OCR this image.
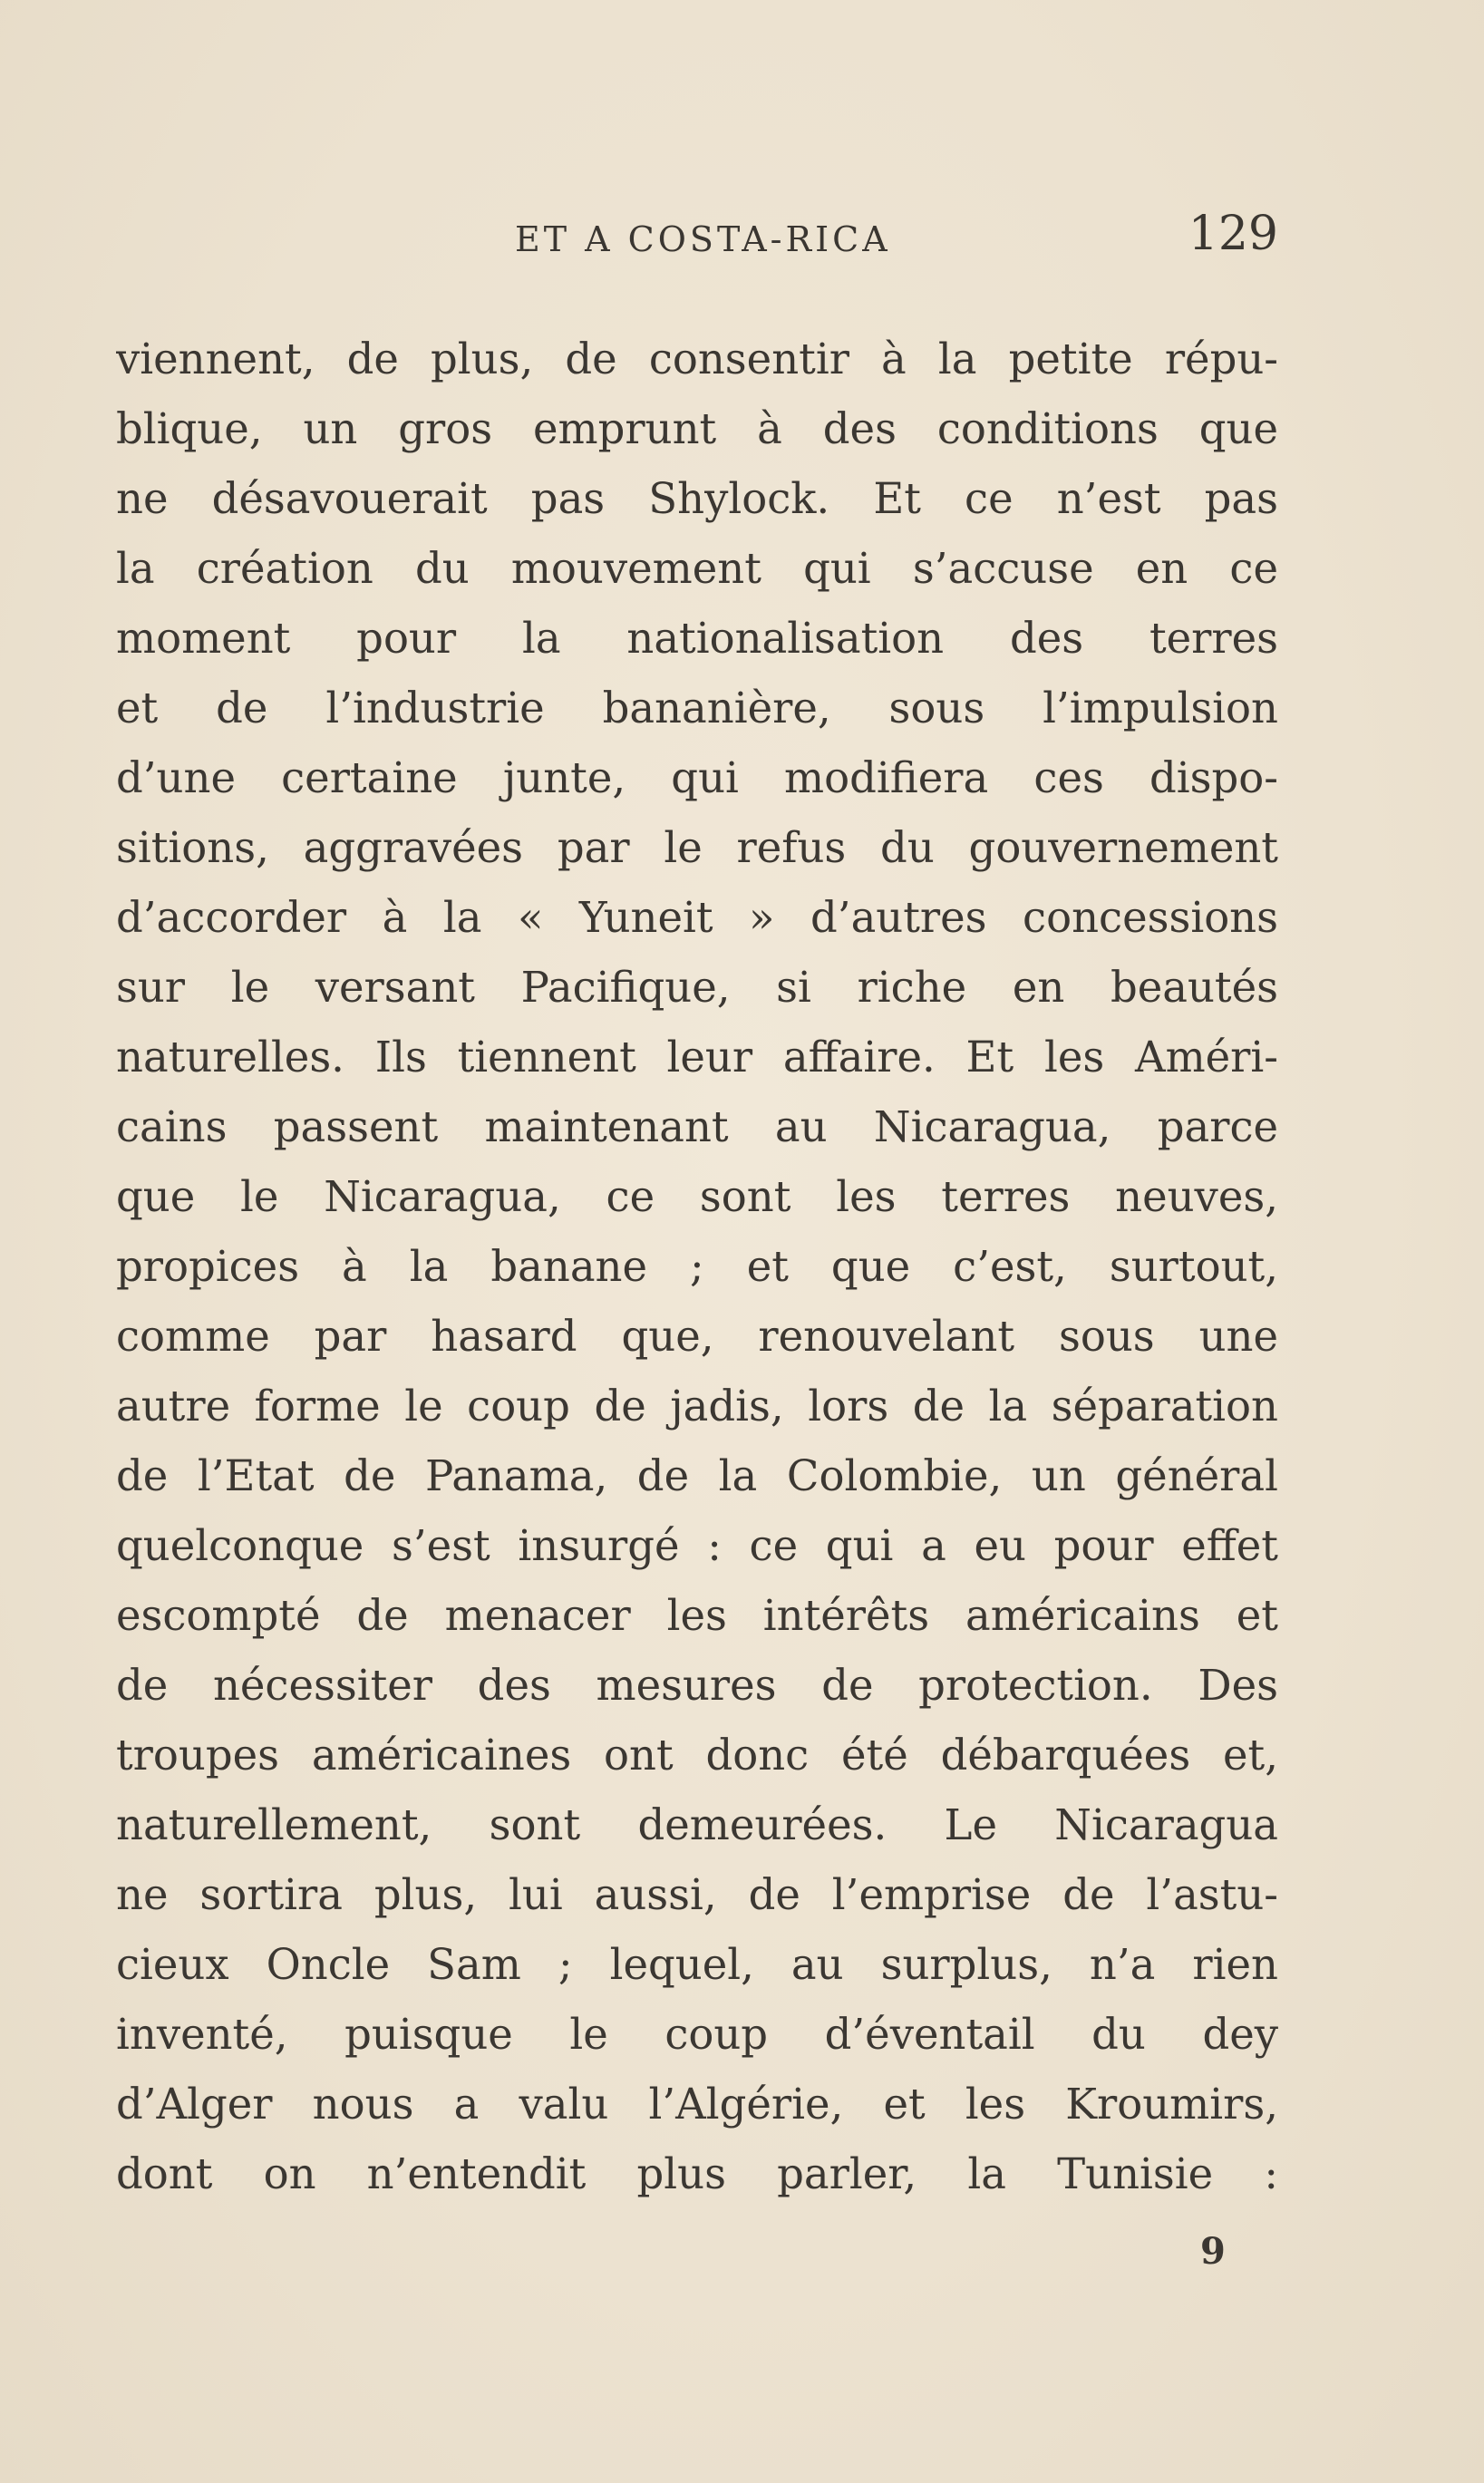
ET A COSTA-RICA	129
viennent, de plus, de consentir à la petite répu-
blique, un gros emprunt à des conditions que
ne désavouerait pas Shylock. Et ce n’est pas
la création du mouvement qui s’accuse en ce
moment pour la nationalisation des terres
et de l’industrie bananière, sous l’impulsion
d’une certaine junte, qui modifiera ces dispo-
sitions, aggravées par le refus du gouvernement
d’accorder à la « Yuneit » d’autres concessions
sur le versant Pacifique, si riche en beautés
naturelles. Ils tiennent leur affaire. Et les Améri-
cains passent maintenant au Nicaragua, parce
que le Nicaragua, ce sont les terres neuves,
propices à la banane ; et que c’est, surtout,
comme par hasard que, renouvelant sous une
autre forme le coup de jadis, lors de la séparation
de l’Etat de Panama, de la Colombie, un général
quelconque s’est insurgé : ce qui a eu pour effet
escompté de menacer les intérêts américains et
de nécessiter des mesures de protection. Des
troupes américaines ont donc été débarquées et,
naturellement, sont demeurées. Le Nicaragua
ne sortira plus, lui aussi, de l’emprise de l’astu-
cieux Oncle Sam ; lequel, au surplus, n’a rien
inventé, puisque le coup d’éventail du dey
d’Alger nous a valu l’Algérie, et les Kroumirs,
dont on n’entendit plus parler, la Tunisie :
9
